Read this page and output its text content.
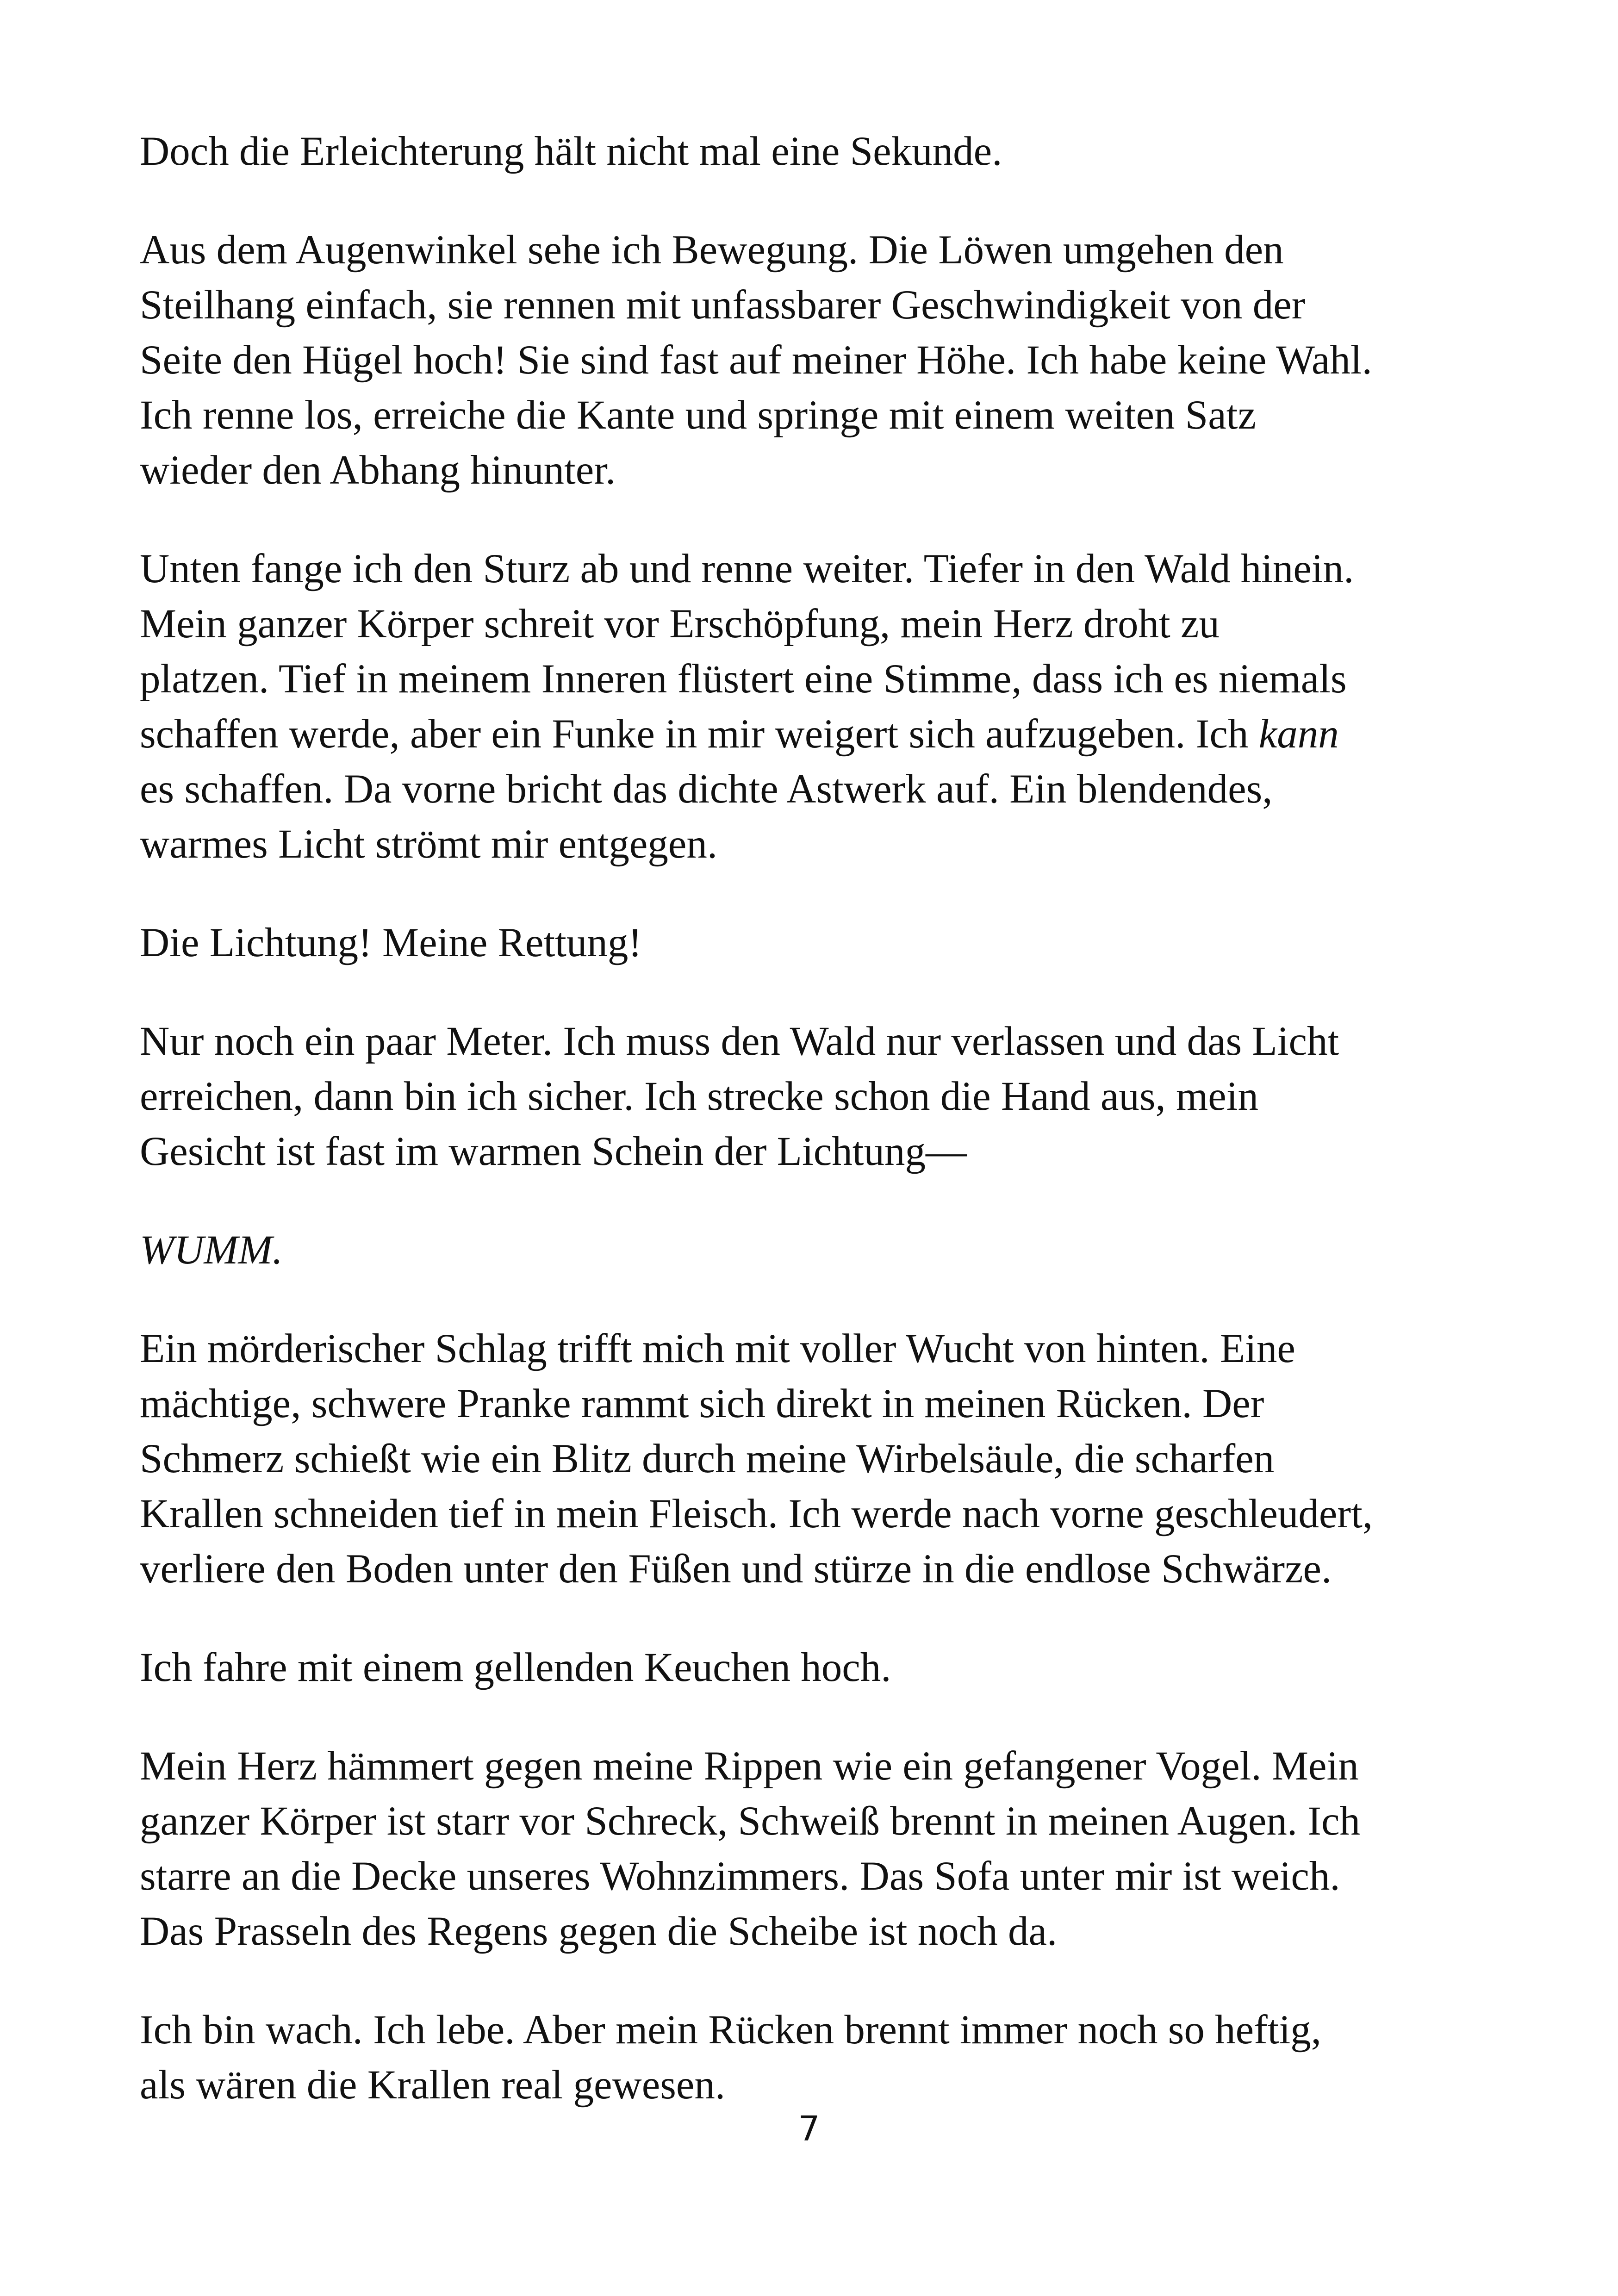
Doch die Erleichterung hält nicht mal eine Sekunde.

Aus dem Augenwinkel sehe ich Bewegung. Die Löwen umgehen den
Steilhang einfach, sie rennen mit unfassbarer Geschwindigkeit von der
Seite den Hügel hoch! Sie sind fast auf meiner Höhe. Ich habe keine Wahl.
Ich renne los, erreiche die Kante und springe mit einem weiten Satz
wieder den Abhang hinunter.

Unten fange ich den Sturz ab und renne weiter. Tiefer in den Wald hinein.
Mein ganzer Körper schreit vor Erschöpfung, mein Herz droht zu
platzen. Tief in meinem Inneren flüstert eine Stimme, dass ich es niemals
schaffen werde, aber ein Funke in mir weigert sich aufzugeben. Ich kann
es schaffen. Da vorne bricht das dichte Astwerk auf. Ein blendendes,
warmes Licht strömt mir entgegen.

Die Lichtung! Meine Rettung!

Nur noch ein paar Meter. Ich muss den Wald nur verlassen und das Licht
erreichen, dann bin ich sicher. Ich strecke schon die Hand aus, mein
Gesicht ist fast im warmen Schein der Lichtung—

WUMM.

Ein mörderischer Schlag trifft mich mit voller Wucht von hinten. Eine
mächtige, schwere Pranke rammt sich direkt in meinen Rücken. Der
Schmerz schießt wie ein Blitz durch meine Wirbelsäule, die scharfen
Krallen schneiden tief in mein Fleisch. Ich werde nach vorne geschleudert,
verliere den Boden unter den Füßen und stürze in die endlose Schwärze.

Ich fahre mit einem gellenden Keuchen hoch.

Mein Herz hämmert gegen meine Rippen wie ein gefangener Vogel. Mein
ganzer Körper ist starr vor Schreck, Schweiß brennt in meinen Augen. Ich
starre an die Decke unseres Wohnzimmers. Das Sofa unter mir ist weich.
Das Prasseln des Regens gegen die Scheibe ist noch da.

Ich bin wach. Ich lebe. Aber mein Rücken brennt immer noch so heftig,
als wären die Krallen real gewesen.

7
